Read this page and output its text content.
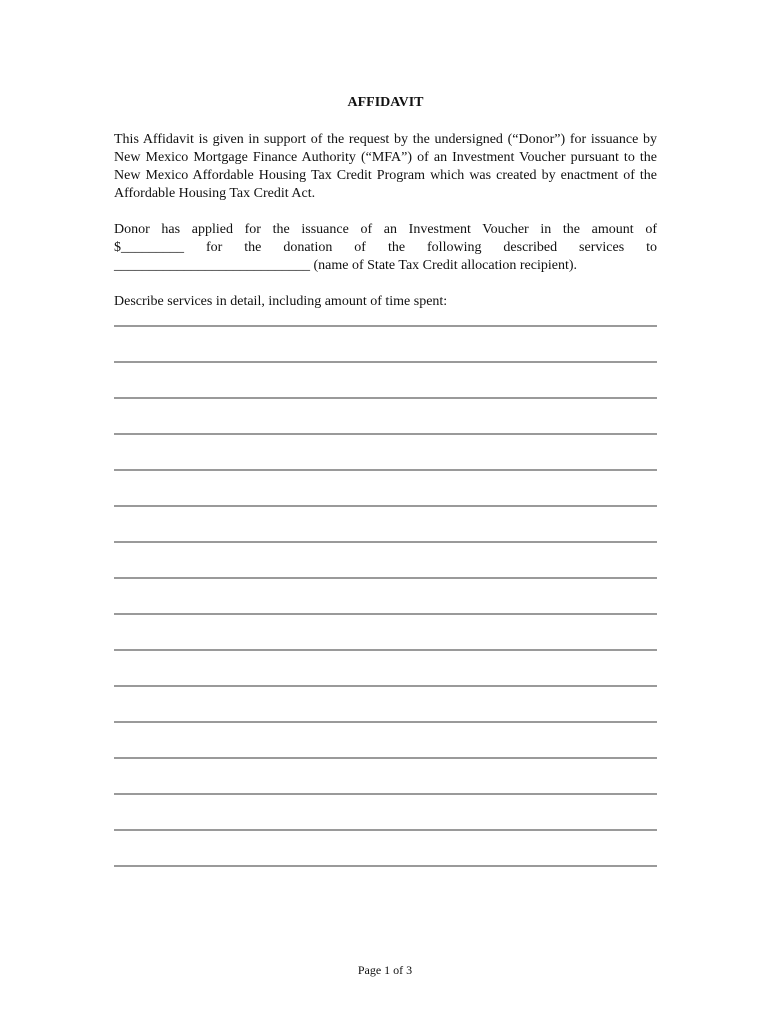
AFFIDAVIT

This Affidavit is given in support of the request by the undersigned (“Donor”) for issuance by New Mexico Mortgage Finance Authority (“MFA”) of an Investment Voucher pursuant to the New Mexico Affordable Housing Tax Credit Program which was created by enactment of the Affordable Housing Tax Credit Act.

Donor has applied for the issuance of an Investment Voucher in the amount of
$_________ for the donation of the following described services to
____________________________ (name of State Tax Credit allocation recipient).

Describe services in detail, including amount of time spent:

Page 1 of 3
